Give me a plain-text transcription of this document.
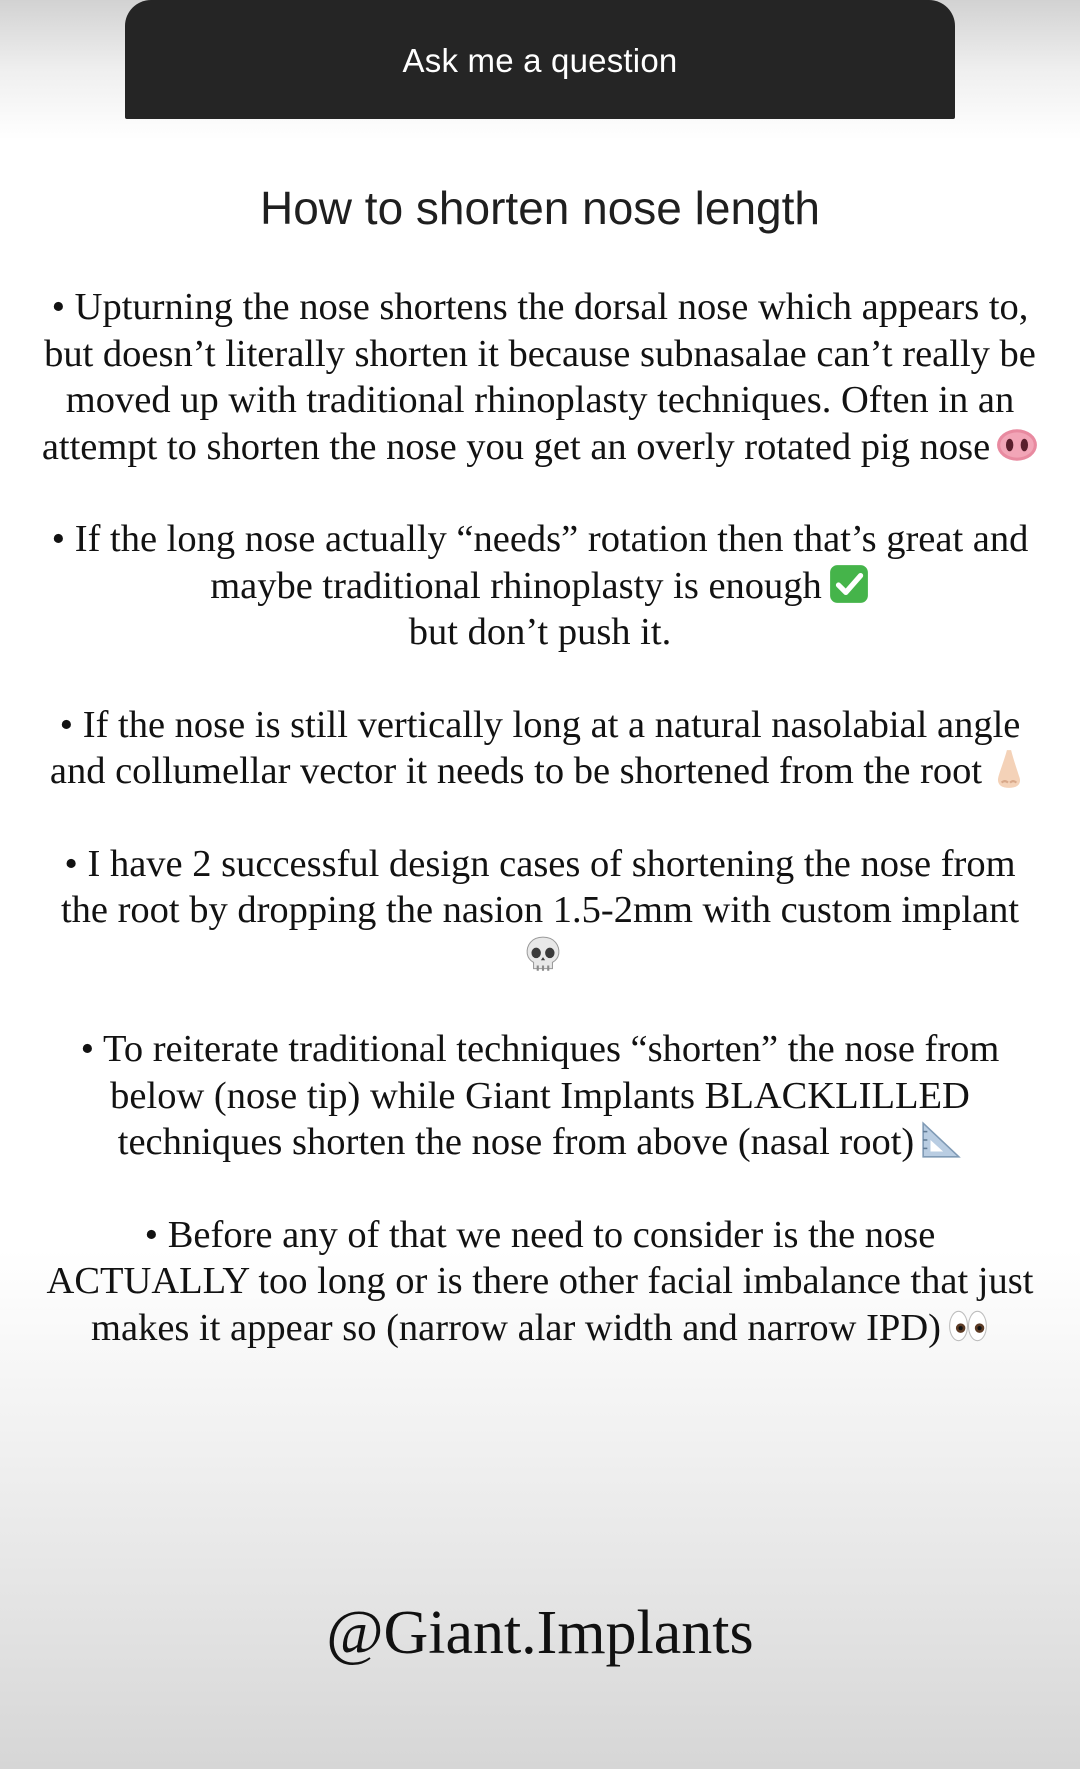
Ask me a question
How to shorten nose length

• Upturning the nose shortens the dorsal nose which appears to, but doesn’t literally shorten it because subnasalae can’t really be moved up with traditional rhinoplasty techniques. Often in an attempt to shorten the nose you get an overly rotated pig nose

• If the long nose actually “needs” rotation then that’s great and maybe traditional rhinoplasty is enough

but don’t push it.

• If the nose is still vertically long at a natural nasolabial angle and collumellar vector it needs to be shortened from the root

• I have 2 successful design cases of shortening the nose from the root by dropping the nasion 1.5-2mm with custom implant

• To reiterate traditional techniques “shorten” the nose from below (nose tip) while Giant Implants BLACKLILLED techniques shorten the nose from above (nasal root)

• Before any of that we need to consider is the nose ACTUALLY too long or is there other facial imbalance that just makes it appear so (narrow alar width and narrow IPD)

@Giant.Implants
